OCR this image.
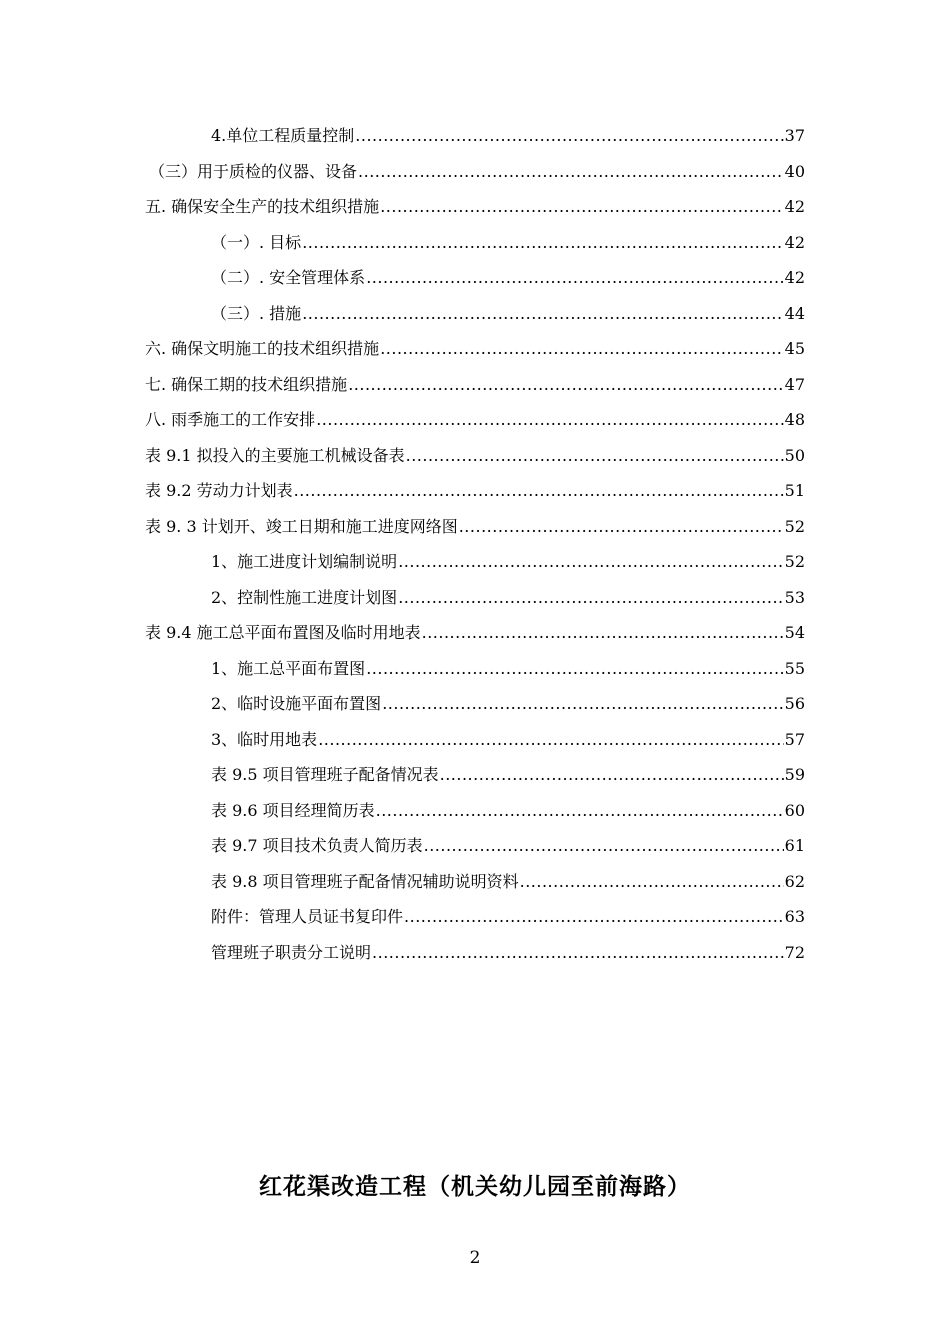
4.单位工程质量控制 .....	37
（三）用于质检的仪器、设备 .....	40
五. 确保安全生产的技术组织措施 .....	42
（一）. 目标 .....	42
（二）. 安全管理体系 .....	42
（三）. 措施 .....	44
六. 确保文明施工的技术组织措施 .....	45
七. 确保工期的技术组织措施 .....	47
八. 雨季施工的工作安排 .....	48
表 9.1 拟投入的主要施工机械设备表 .....	50
表 9.2 劳动力计划表 .....	51
表 9. 3 计划开、竣工日期和施工进度网络图 .....	52
1、施工进度计划编制说明 .....	52
2、控制性施工进度计划图 .....	53
表 9.4 施工总平面布置图及临时用地表 .....	54
1、施工总平面布置图 .....	55
2、临时设施平面布置图 .....	56
3、临时用地表 .....	57
表 9.5 项目管理班子配备情况表 .....	59
表 9.6 项目经理简历表 .....	60
表 9.7 项目技术负责人简历表 .....	61
表 9.8 项目管理班子配备情况辅助说明资料 .....	62
附件：管理人员证书复印件 .....	63
管理班子职责分工说明 .....	72
红花渠改造工程（机关幼儿园至前海路）
2
